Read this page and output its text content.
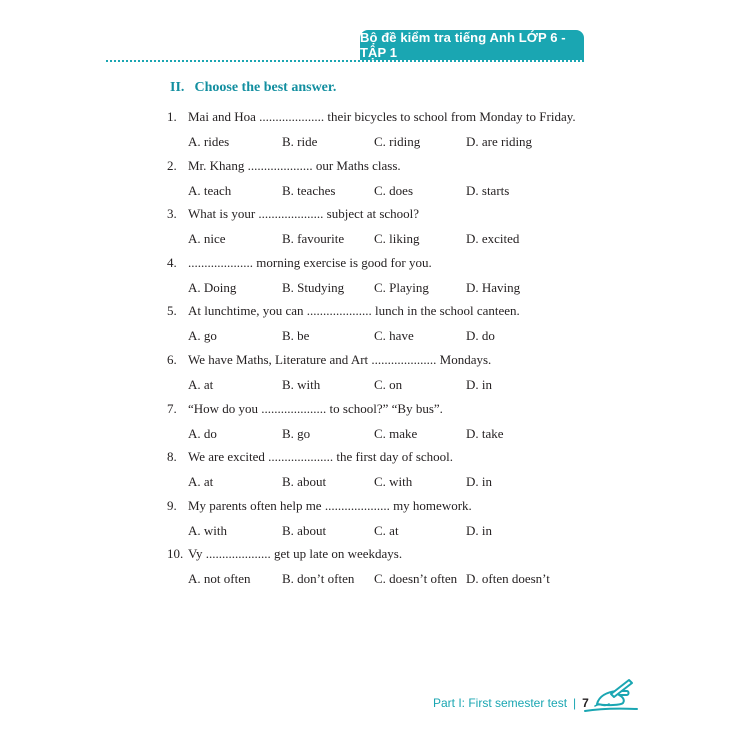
Bộ đề kiểm tra tiếng Anh LỚP 6 - TẬP 1
II. Choose the best answer.
1. Mai and Hoa .................... their bicycles to school from Monday to Friday.
A. rides	B. ride	C. riding	D. are riding
2. Mr. Khang .................... our Maths class.
A. teach	B. teaches	C. does	D. starts
3. What is your .................... subject at school?
A. nice	B. favourite	C. liking	D. excited
4. .................... morning exercise is good for you.
A. Doing	B. Studying	C. Playing	D. Having
5. At lunchtime, you can .................... lunch in the school canteen.
A. go	B. be	C. have	D. do
6. We have Maths, Literature and Art .................... Mondays.
A. at	B. with	C. on	D. in
7. “How do you .................... to school?” “By bus”.
A. do	B. go	C. make	D. take
8. We are excited .................... the first day of school.
A. at	B. about	C. with	D. in
9. My parents often help me .................... my homework.
A. with	B. about	C. at	D. in
10. Vy .................... get up late on weekdays.
A. not often	B. don’t often	C. doesn’t often D. often doesn’t
Part I: First semester test | 7
